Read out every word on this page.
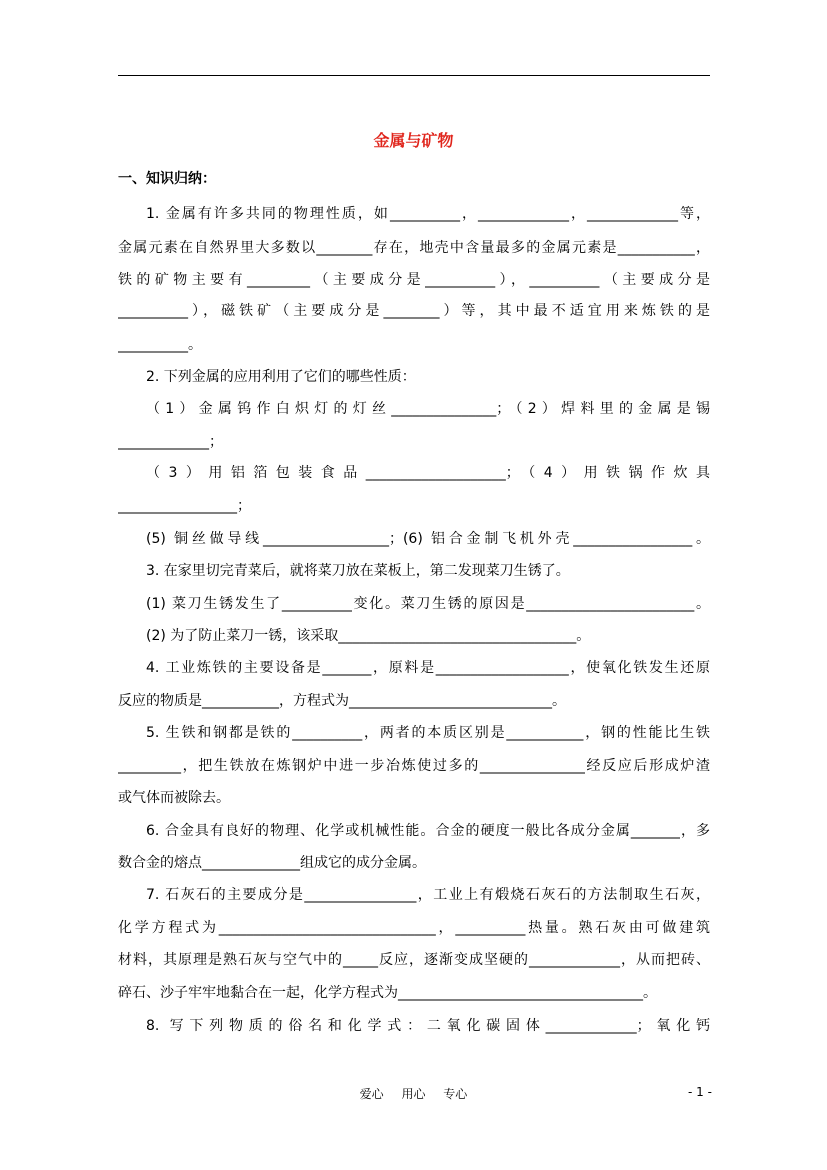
金属与矿物
一、知识归纳：
1. 金属有许多共同的物理性质，如__________，_____________，_____________等，
金属元素在自然界里大多数以________存在，地壳中含量最多的金属元素是___________，
铁的矿物主要有_________（主要成分是__________），__________（主要成分是
__________），磁铁矿（主要成分是________）等，其中最不适宜用来炼铁的是
__________。
2. 下列金属的应用利用了它们的哪些性质：
（1）金属钨作白炽灯的灯丝_______________；（2）焊料里的金属是锡
_____________；
（3）用铝箔包装食品____________________；（4）用铁锅作炊具
_________________；
(5) 铜丝做导线__________________；(6) 铝合金制飞机外壳_________________。
3. 在家里切完青菜后，就将菜刀放在菜板上，第二发现菜刀生锈了。
(1) 菜刀生锈发生了__________变化。菜刀生锈的原因是________________________。
(2) 为了防止菜刀一锈，该采取__________________________________。
4. 工业炼铁的主要设备是_______，原料是___________________，使氧化铁发生还原
反应的物质是___________，方程式为_____________________________。
5. 生铁和钢都是铁的__________，两者的本质区别是___________，钢的性能比生铁
_________，把生铁放在炼钢炉中进一步冶炼使过多的_______________经反应后形成炉渣
或气体而被除去。
6. 合金具有良好的物理、化学或机械性能。合金的硬度一般比各成分金属_______，多
数合金的熔点______________组成它的成分金属。
7. 石灰石的主要成分是________________，工业上有煅烧石灰石的方法制取生石灰，
化学方程式为_______________________________，__________热量。熟石灰由可做建筑
材料，其原理是熟石灰与空气中的_____反应，逐渐变成坚硬的_____________，从而把砖、
碎石、沙子牢牢地黏合在一起，化学方程式为___________________________________。
8. 写下列物质的俗名和化学式：二氧化碳固体_____________；氧化钙
爱心 用心 专心	- 1 -
